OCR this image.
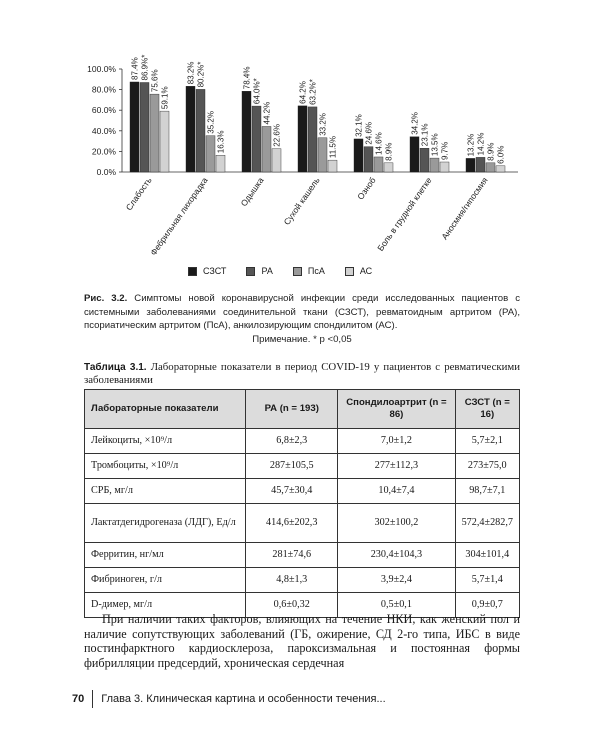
0.0%
20.0%
40.0%
60.0%
80.0%
100.0% 87.4% 86.9%*
75.6%
59.1%
Слабость
83.2% 80.2%*
35.2%
16.3%
Фебрильная лихорадка
78.4%
64.0%*
44.2%
22.6%
Одышка
64.2% 63.2%*
33.2%
11.5%
Сухой кашель
32.1% 24.6% 14.6% 8.9%
Озноб
34.2%
23.1% 13.5% 9.7%
Боль в грудной клетке
13.2% 14.2% 8.9% 6.0%
Аносмия/гипосмия
СЗСТ	РА	ПсА	АС
Рис. 3.2. Симптомы новой коронавирусной инфекции среди исследованных пациентов с системными заболеваниями соединительной ткани (СЗСТ), ревматоидным артритом (РА), псориатическим артритом (ПсА), анкилозирующим спондилитом (АС).
Примечание. * p <0,05
Таблица 3.1. Лабораторные показатели в период COVID-19 у пациентов с ревматическими заболеваниями
Лабораторные показатели	РА (n = 193)	Спондилоартрит (n = 86)	СЗСТ (n = 16)
Лейкоциты, ×10⁹/л	6,8±2,3	7,0±1,2	5,7±2,1
Тромбоциты, ×10⁹/л	287±105,5	277±112,3	273±75,0
СРБ, мг/л	45,7±30,4	10,4±7,4	98,7±7,1
Лактатдегидрогеназа (ЛДГ), Ед/л	414,6±202,3	302±100,2	572,4±282,7
Ферритин, нг/мл	281±74,6	230,4±104,3	304±101,4
Фибриноген, г/л	4,8±1,3	3,9±2,4	5,7±1,4
D-димер, мг/л	0,6±0,32	0,5±0,1	0,9±0,7

При наличии таких факторов, влияющих на течение НКИ, как женский пол и наличие сопутствующих заболеваний (ГБ, ожирение, СД 2-го типа, ИБС в виде постинфарктного кардиосклероза, пароксизмальная и постоянная формы фибрилляции предсердий, хроническая сердечная

70	Глава 3. Клиническая картина и особенности течения...
